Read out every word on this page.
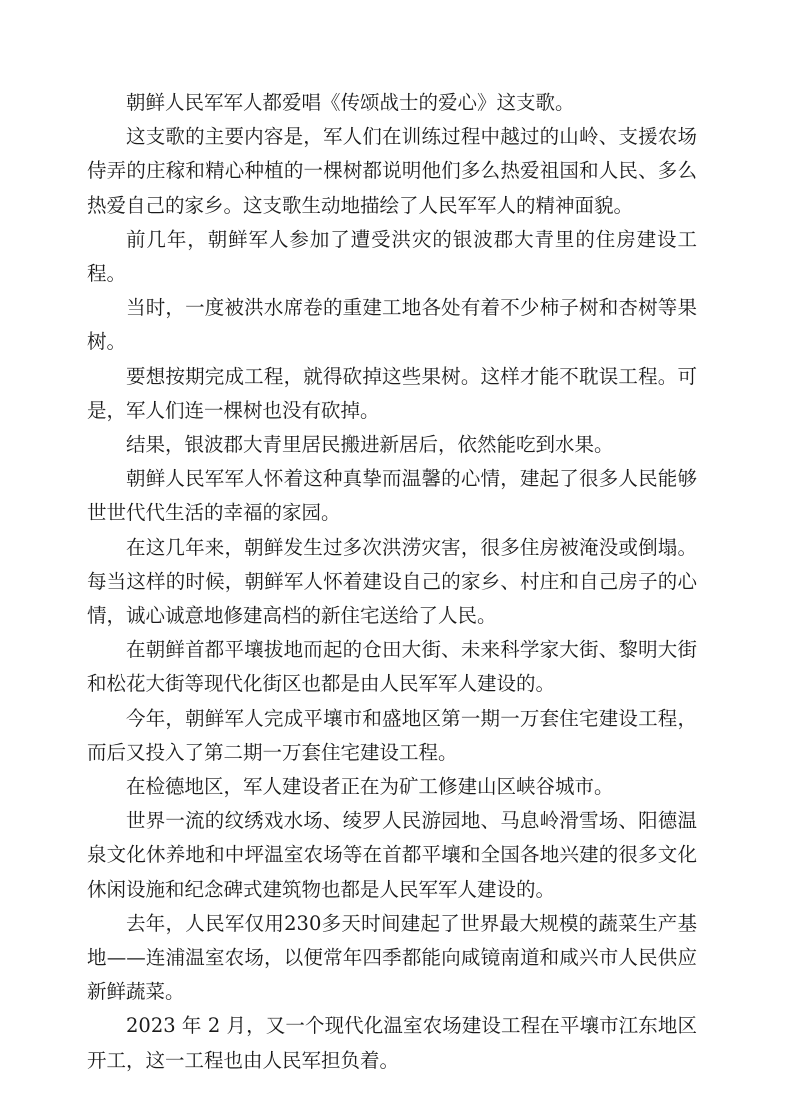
朝鲜人民军军人都爱唱《传颂战士的爱心》这支歌。

这支歌的主要内容是，军人们在训练过程中越过的山岭、支援农场侍弄的庄稼和精心种植的一棵树都说明他们多么热爱祖国和人民、多么热爱自己的家乡。这支歌生动地描绘了人民军军人的精神面貌。

前几年，朝鲜军人参加了遭受洪灾的银波郡大青里的住房建设工程。

当时，一度被洪水席卷的重建工地各处有着不少柿子树和杏树等果树。

要想按期完成工程，就得砍掉这些果树。这样才能不耽误工程。可是，军人们连一棵树也没有砍掉。

结果，银波郡大青里居民搬进新居后，依然能吃到水果。

朝鲜人民军军人怀着这种真挚而温馨的心情，建起了很多人民能够世世代代生活的幸福的家园。

在这几年来，朝鲜发生过多次洪涝灾害，很多住房被淹没或倒塌。每当这样的时候，朝鲜军人怀着建设自己的家乡、村庄和自己房子的心情，诚心诚意地修建高档的新住宅送给了人民。

在朝鲜首都平壤拔地而起的仓田大街、未来科学家大街、黎明大街和松花大街等现代化街区也都是由人民军军人建设的。

今年，朝鲜军人完成平壤市和盛地区第一期一万套住宅建设工程，而后又投入了第二期一万套住宅建设工程。

在检德地区，军人建设者正在为矿工修建山区峡谷城市。

世界一流的纹绣戏水场、绫罗人民游园地、马息岭滑雪场、阳德温泉文化休养地和中坪温室农场等在首都平壤和全国各地兴建的很多文化休闲设施和纪念碑式建筑物也都是人民军军人建设的。

去年，人民军仅用230多天时间建起了世界最大规模的蔬菜生产基地——连浦温室农场，以便常年四季都能向咸镜南道和咸兴市人民供应新鲜蔬菜。

2023 年 2 月，又一个现代化温室农场建设工程在平壤市江东地区开工，这一工程也由人民军担负着。
